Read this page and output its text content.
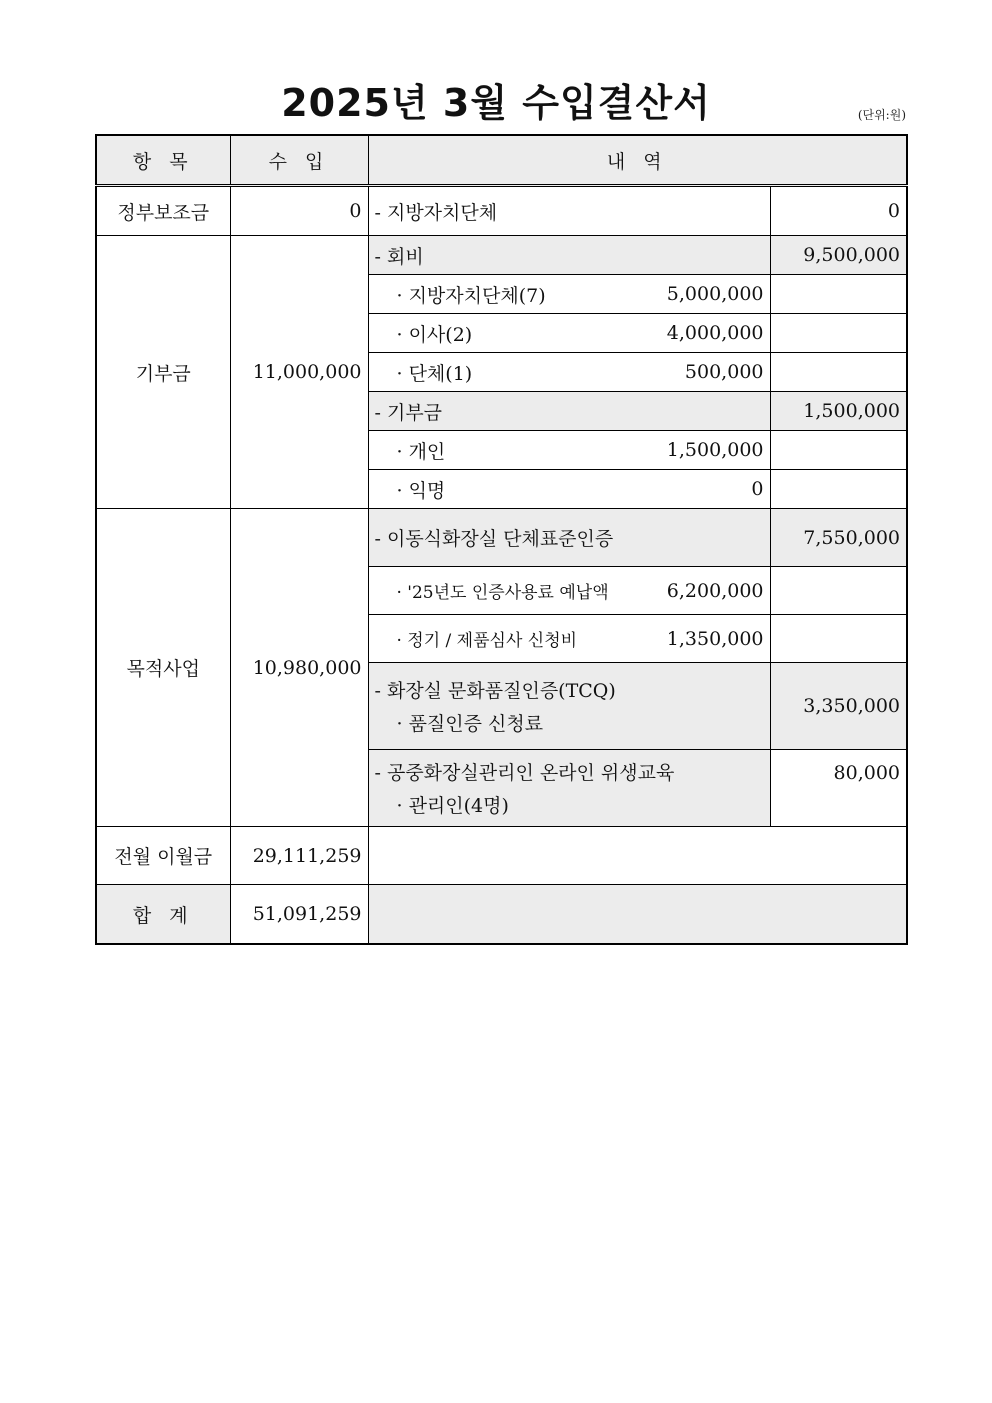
2025년 3월 수입결산서	(단위:원)
항 목	수 입	내 역	
정부보조금	0	- 지방자치단체	0
기부금	11,000,000	- 회비	9,500,000

		· 지방자치단체(7) 5,000,000	

		· 이사(2) 4,000,000	

		· 단체(1) 500,000	

		- 기부금	1,500,000

		· 개인 1,500,000	

		· 익명 0	

목적사업	10,980,000	- 이동식화장실 단체표준인증	7,550,000

		· '25년도 인증사용료 예납액 6,200,000	

		· 정기 / 제품심사 신청비 1,350,000	

		- 화장실 문화품질인증(TCQ)
· 품질인증 신청료	3,350,000

		- 공중화장실관리인 온라인 위생교육
· 관리인(4명)	80,000
전월 이월금	29,111,259		
합 계	51,091,259		
